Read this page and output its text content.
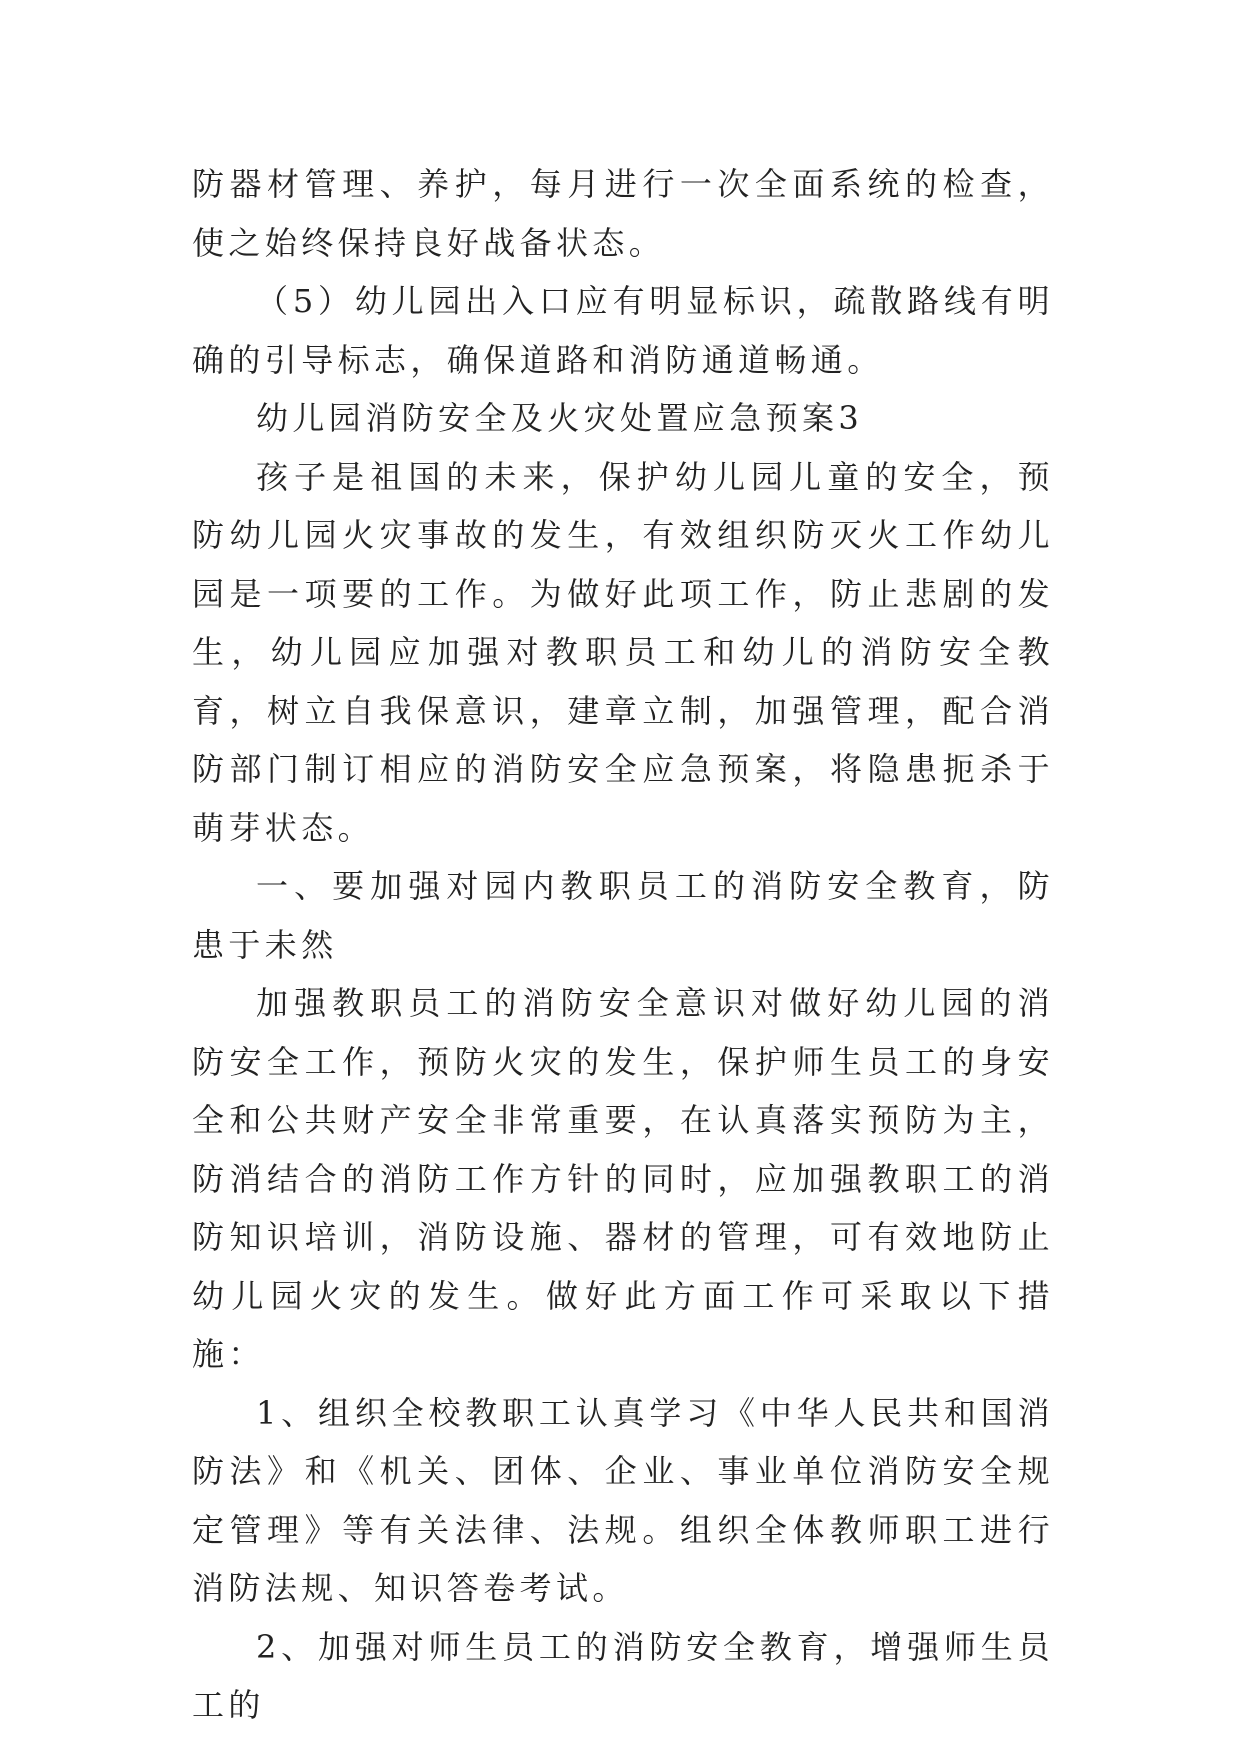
防器材管理、养护，每月进行一次全面系统的检查，使之始终保持良好战备状态。

（5）幼儿园出入口应有明显标识，疏散路线有明确的引导标志，确保道路和消防通道畅通。

幼儿园消防安全及火灾处置应急预案3

孩子是祖国的未来，保护幼儿园儿童的安全，预防幼儿园火灾事故的发生，有效组织防灭火工作幼儿园是一项要的工作。为做好此项工作，防止悲剧的发生，幼儿园应加强对教职员工和幼儿的消防安全教育，树立自我保意识，建章立制，加强管理，配合消防部门制订相应的消防安全应急预案，将隐患扼杀于萌芽状态。

一、要加强对园内教职员工的消防安全教育，防患于未然

加强教职员工的消防安全意识对做好幼儿园的消防安全工作，预防火灾的发生，保护师生员工的身安全和公共财产安全非常重要，在认真落实预防为主，防消结合的消防工作方针的同时，应加强教职工的消防知识培训，消防设施、器材的管理，可有效地防止幼儿园火灾的发生。做好此方面工作可采取以下措施：

1、组织全校教职工认真学习《中华人民共和国消防法》和《机关、团体、企业、事业单位消防安全规定管理》等有关法律、法规。组织全体教师职工进行消防法规、知识答卷考试。

2、加强对师生员工的消防安全教育，增强师生员工的
